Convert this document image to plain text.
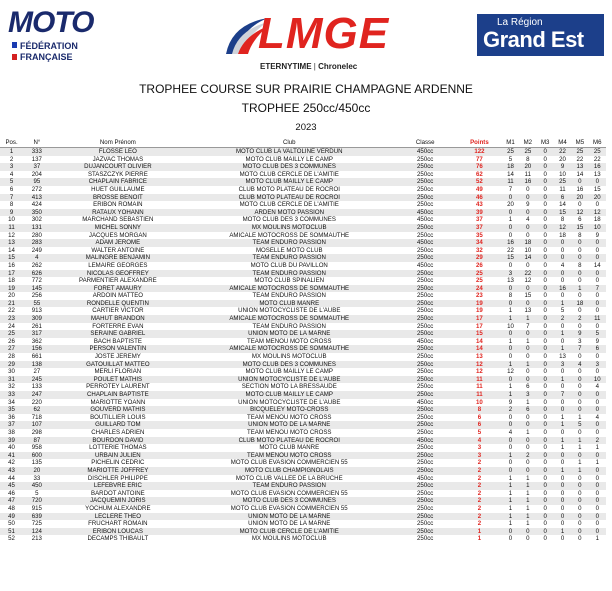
MOTO
FÉDÉRATION
FRANÇAISE	LMGE
ETERNYTIME | Chronelec
La Région
Grand Est
TROPHEE COURSE SUR PRAIRIE CHAMPAGNE ARDENNE
TROPHEE 250cc/450cc
2023
Pos.	N°	Nom Prénom	Club	Classe	Points	M1	M2	M3	M4	M5	M6
1	333	FLOSSE LEO	MOTO CLUB LA VALTOLINE VERDUN	450cc	122	25	25	0	22	25	25
2	137	JAZVAC THOMAS	MOTO CLUB MAILLY LE CAMP	250cc	77	5	8	0	20	22	22
3	37	DUJANCOURT OLIVIER	MOTO CLUB DES 3 COMMUNES	250cc	76	18	20	0	9	13	16
4	204	STASZCZYK PIERRE	MOTO CLUB CERCLE DE L'AMITIE	250cc	62	14	11	0	10	14	13
5	95	CHAPLAIN FABRICE	MOTO CLUB MAILLY LE CAMP	250cc	52	11	16	0	25	0	0
6	272	HUET GUILLAUME	CLUB MOTO PLATEAU DE ROCROI	250cc	49	7	0	0	11	16	15
7	413	BROSSE BENOIT	CLUB MOTO PLATEAU DE ROCROI	250cc	46	0	0	0	6	20	20
8	424	ERIBON ROMAIN	MOTO CLUB CERCLE DE L'AMITIE	250cc	43	20	9	0	14	0	0
9	350	RATAUX YOHANN	ARDEN MOTO PASSION	450cc	39	0	0	0	15	12	12
10	302	MARCHAND SEBASTIEN	MOTO CLUB DES 3 COMMUNES	450cc	37	1	4	0	8	6	18
11	131	MICHEL SONNY	MX MOULINS MOTOCLUB	250cc	37	0	0	0	12	15	10
12	280	JACQUES MORGAN	AMICALE MOTOCROSS DE SOMMAUTHE	250cc	35	0	0	0	18	8	9
13	283	ADAM JEROME	TEAM ENDURO PASSION	450cc	34	16	18	0	0	0	0
14	249	WALTER ANTOINE	MOSELLE MOTO CLUB	250cc	32	22	10	0	0	0	0
15	4	MALINGRE BENJAMIN	TEAM ENDURO PASSION	250cc	29	15	14	0	0	0	0
16	262	LEMAIRE GEORGES	MOTO CLUB DU PAVILLON	450cc	26	0	0	0	4	8	14
17	626	NICOLAS GEOFFREY	TEAM ENDURO PASSION	250cc	25	3	22	0	0	0	0
18	772	PARMENTIER ALEXANDRE	MOTO CLUB SPINALIEN	250cc	25	13	12	0	0	0	0
19	145	FORET AMAURY	AMICALE MOTOCROSS DE SOMMAUTHE	250cc	24	0	0	0	16	1	7
20	256	ARDOIN MATTEO	TEAM ENDURO PASSION	250cc	23	8	15	0	0	0	0
21	55	RONDELLE QUENTIN	MOTO CLUB MANRE	250cc	19	0	0	0	1	18	0
22	913	CARTIER VICTOR	UNION MOTOCYCLISTE DE L'AUBE	250cc	19	1	13	0	5	0	0
23	309	MAHUT BRANDON	AMICALE MOTOCROSS DE SOMMAUTHE	250cc	17	1	1	0	2	2	11
24	261	FORTERRE EVAN	TEAM ENDURO PASSION	250cc	17	10	7	0	0	0	0
25	317	SERAINE GABRIEL	UNION MOTO DE LA MARNE	250cc	15	0	0	0	1	9	5
26	362	BACH BAPTISTE	TEAM MENOU MOTO CROSS	450cc	14	1	1	0	0	3	9
27	156	PERSON VALENTIN	AMICALE MOTOCROSS DE SOMMAUTHE	250cc	14	0	0	0	1	7	6
28	661	JOSTE JEREMY	MX MOULINS MOTOCLUB	250cc	13	0	0	0	13	0	0
29	138	GATOUILLAT MATTEO	MOTO CLUB DES 3 COMMUNES	250cc	12	1	1	0	3	4	3
30	27	MERLI FLORIAN	MOTO CLUB MAILLY LE CAMP	250cc	12	12	0	0	0	0	0
31	245	POULET MATHIS	UNION MOTOCYCLISTE DE L'AUBE	250cc	11	0	0	0	1	0	10
32	133	PERROTEY LAURENT	SECTION MOTO LA BRESSAUDE	250cc	11	1	6	0	0	0	4
33	247	CHAPLAIN BAPTISTE	MOTO CLUB MAILLY LE CAMP	250cc	11	1	3	0	7	0	0
34	220	MARIOTTE YOANN	UNION MOTOCYCLISTE DE L'AUBE	450cc	10	9	1	0	0	0	0
35	62	GOUVERD MATHIS	BICQUELEY MOTO-CROSS	250cc	8	2	6	0	0	0	0
36	718	BOUTILLIER LOUIS	TEAM MENOU MOTO CROSS	250cc	6	0	0	0	1	1	4
37	107	GUILLARD TOM	UNION MOTO DE LA MARNE	250cc	6	0	0	0	1	5	0
38	298	CHARLES ADRIEN	TEAM MENOU MOTO CROSS	250cc	5	4	1	0	0	0	0
39	87	BOURDON DAVID	CLUB MOTO PLATEAU DE ROCROI	450cc	4	0	0	0	1	1	2
40	958	LOTTERIE THOMAS	MOTO CLUB MANRE	250cc	3	0	0	0	1	1	1
41	600	URBAIN JULIEN	TEAM MENOU MOTO CROSS	250cc	3	1	2	0	0	0	0
42	135	PICHELIN CEDRIC	MOTO CLUB EVASION COMMERCIEN 55	250cc	2	0	0	0	0	1	1
43	20	MARIOTTE JOFFREY	MOTO CLUB CHAMPIGNOLAIS	250cc	2	0	0	0	1	1	0
44	33	DISCHLER PHILIPPE	MOTO CLUB VALLEE DE LA BRUCHE	450cc	2	1	1	0	0	0	0
45	450	LEFEBVRE ERIC	TEAM ENDURO PASSION	250cc	2	1	1	0	0	0	0
46	5	BARDOT ANTOINE	MOTO CLUB EVASION COMMERCIEN 55	250cc	2	1	1	0	0	0	0
47	720	JACQUEMIN JORIS	MOTO CLUB DES 3 COMMUNES	250cc	2	1	1	0	0	0	0
48	915	YOCHUM ALEXANDRE	MOTO CLUB EVASION COMMERCIEN 55	250cc	2	1	1	0	0	0	0
49	639	LECLERE THEO	UNION MOTO DE LA MARNE	250cc	2	1	1	0	0	0	0
50	725	FRUCHART ROMAIN	UNION MOTO DE LA MARNE	250cc	2	1	1	0	0	0	0
51	124	ERIBON LOUCAS	MOTO CLUB CERCLE DE L'AMITIE	250cc	1	0	0	0	1	0	0
52	213	DECAMPS THIBAULT	MX MOULINS MOTOCLUB	250cc	1	0	0	0	0	0	1
